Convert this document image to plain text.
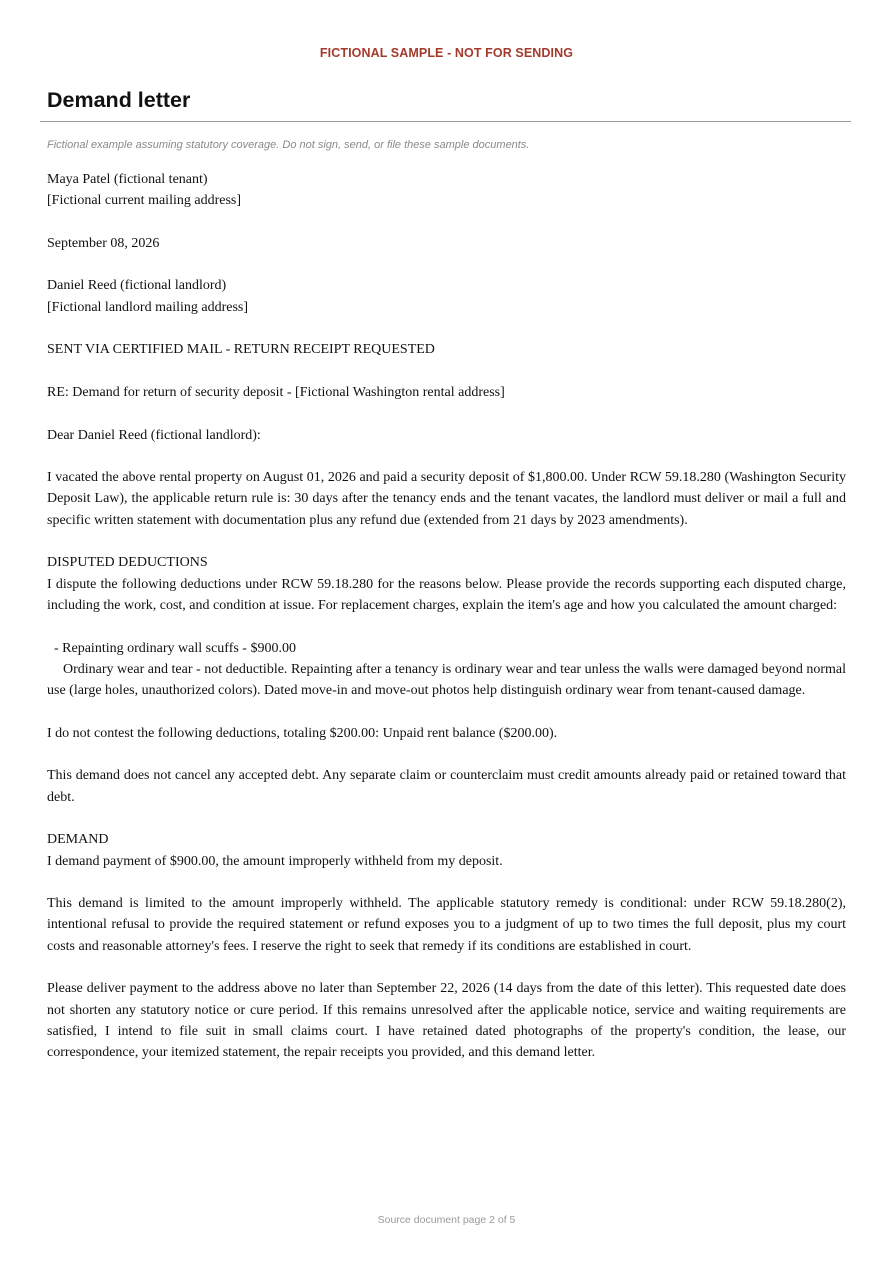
FICTIONAL SAMPLE - NOT FOR SENDING
Demand letter
Fictional example assuming statutory coverage. Do not sign, send, or file these sample documents.

Maya Patel (fictional tenant)
[Fictional current mailing address]

September 08, 2026

Daniel Reed (fictional landlord)
[Fictional landlord mailing address]

SENT VIA CERTIFIED MAIL - RETURN RECEIPT REQUESTED

RE: Demand for return of security deposit - [Fictional Washington rental address]

Dear Daniel Reed (fictional landlord):

I vacated the above rental property on August 01, 2026 and paid a security deposit of $1,800.00. Under RCW 59.18.280 (Washington Security Deposit Law), the applicable return rule is: 30 days after the tenancy ends and the tenant vacates, the landlord must deliver or mail a full and specific written statement with documentation plus any refund due (extended from 21 days by 2023 amendments).

DISPUTED DEDUCTIONS

I dispute the following deductions under RCW 59.18.280 for the reasons below. Please provide the records supporting each disputed charge, including the work, cost, and condition at issue. For replacement charges, explain the item's age and how you calculated the amount charged:

- Repainting ordinary wall scuffs - $900.00

Ordinary wear and tear - not deductible. Repainting after a tenancy is ordinary wear and tear unless the walls were damaged beyond normal use (large holes, unauthorized colors). Dated move-in and move-out photos help distinguish ordinary wear from tenant-caused damage.

I do not contest the following deductions, totaling $200.00: Unpaid rent balance ($200.00).

This demand does not cancel any accepted debt. Any separate claim or counterclaim must credit amounts already paid or retained toward that debt.

DEMAND

I demand payment of $900.00, the amount improperly withheld from my deposit.

This demand is limited to the amount improperly withheld. The applicable statutory remedy is conditional: under RCW 59.18.280(2), intentional refusal to provide the required statement or refund exposes you to a judgment of up to two times the full deposit, plus my court costs and reasonable attorney's fees. I reserve the right to seek that remedy if its conditions are established in court.

Please deliver payment to the address above no later than September 22, 2026 (14 days from the date of this letter). This requested date does not shorten any statutory notice or cure period. If this remains unresolved after the applicable notice, service and waiting requirements are satisfied, I intend to file suit in small claims court. I have retained dated photographs of the property's condition, the lease, our correspondence, your itemized statement, the repair receipts you provided, and this demand letter.

Source document page 2 of 5
